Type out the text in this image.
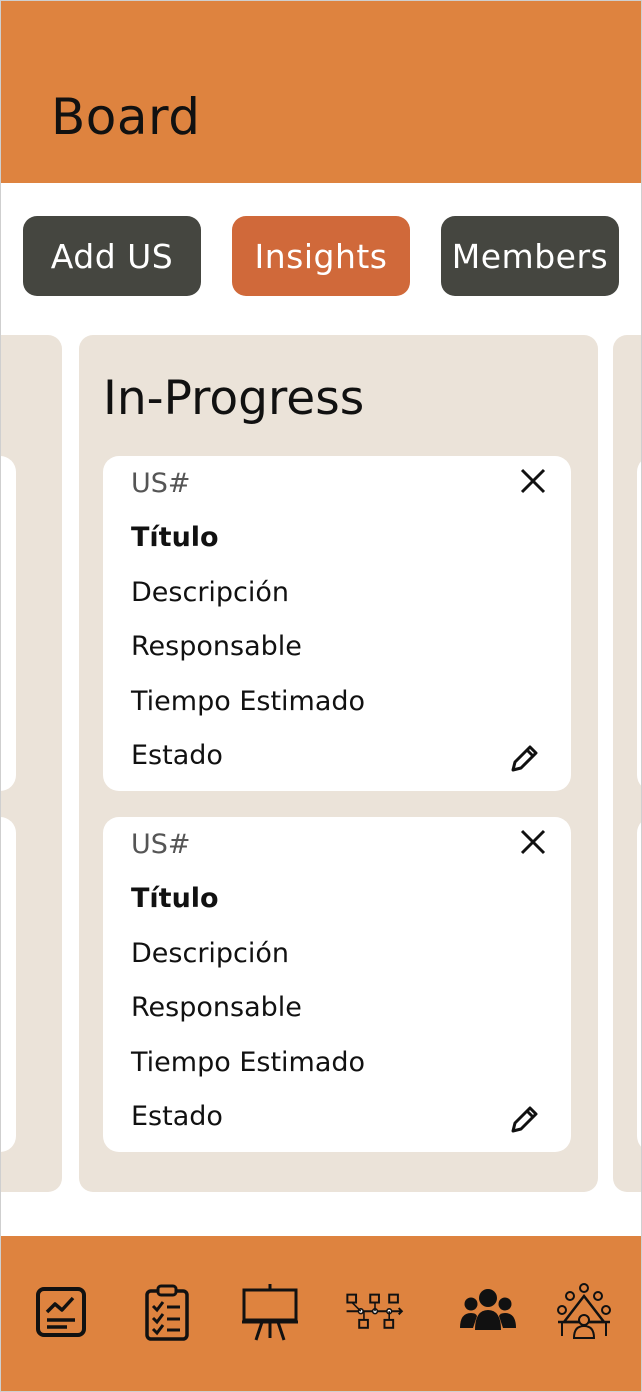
Board
Add US	Insights	Members
In-Progress
US#
Título
Descripción
Responsable
Tiempo Estimado
Estado
US#
Título
Descripción
Responsable
Tiempo Estimado
Estado
